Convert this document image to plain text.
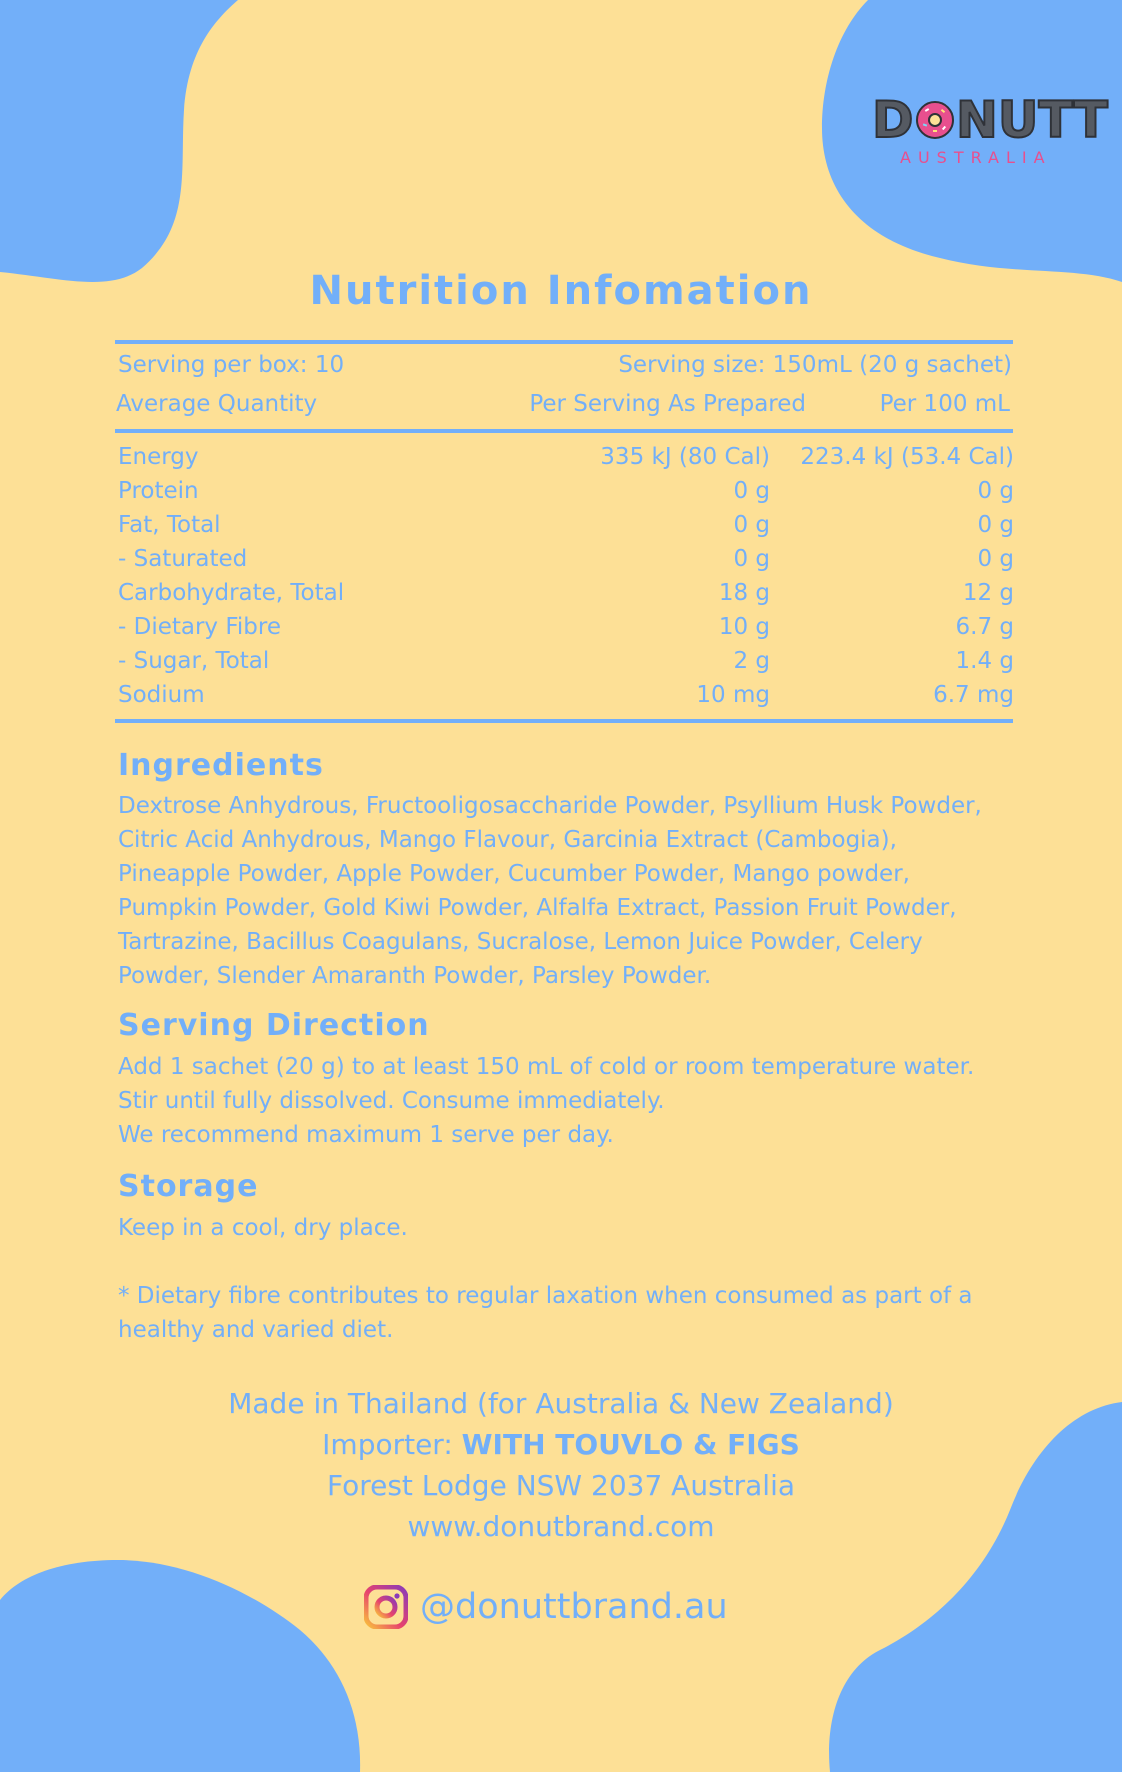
D NUTT
AUSTRALIA
Nutrition Infomation
Serving per box: 10	Serving size: 150mL (20 g sachet)
Average Quantity	Per Serving As Prepared	Per 100 mL
Energy	335 kJ (80 Cal) 223.4 kJ (53.4 Cal)
Protein	0 g	0 g
Fat, Total	0 g	0 g
- Saturated	0 g	0 g
Carbohydrate, Total	18 g	12 g
- Dietary Fibre	10 g	6.7 g
- Sugar, Total	2 g	1.4 g
Sodium	10 mg	6.7 mg
Ingredients
Dextrose Anhydrous, Fructooligosaccharide Powder, Psyllium Husk Powder,
Citric Acid Anhydrous, Mango Flavour, Garcinia Extract (Cambogia),
Pineapple Powder, Apple Powder, Cucumber Powder, Mango powder,
Pumpkin Powder, Gold Kiwi Powder, Alfalfa Extract, Passion Fruit Powder,
Tartrazine, Bacillus Coagulans, Sucralose, Lemon Juice Powder, Celery
Powder, Slender Amaranth Powder, Parsley Powder.
Serving Direction
Add 1 sachet (20 g) to at least 150 mL of cold or room temperature water.
Stir until fully dissolved. Consume immediately.
We recommend maximum 1 serve per day.
Storage
Keep in a cool, dry place.
* Dietary fibre contributes to regular laxation when consumed as part of a
healthy and varied diet.
Made in Thailand (for Australia & New Zealand)
Importer: WITH TOUVLO & FIGS
Forest Lodge NSW 2037 Australia
www.donutbrand.com
@donuttbrand.au
